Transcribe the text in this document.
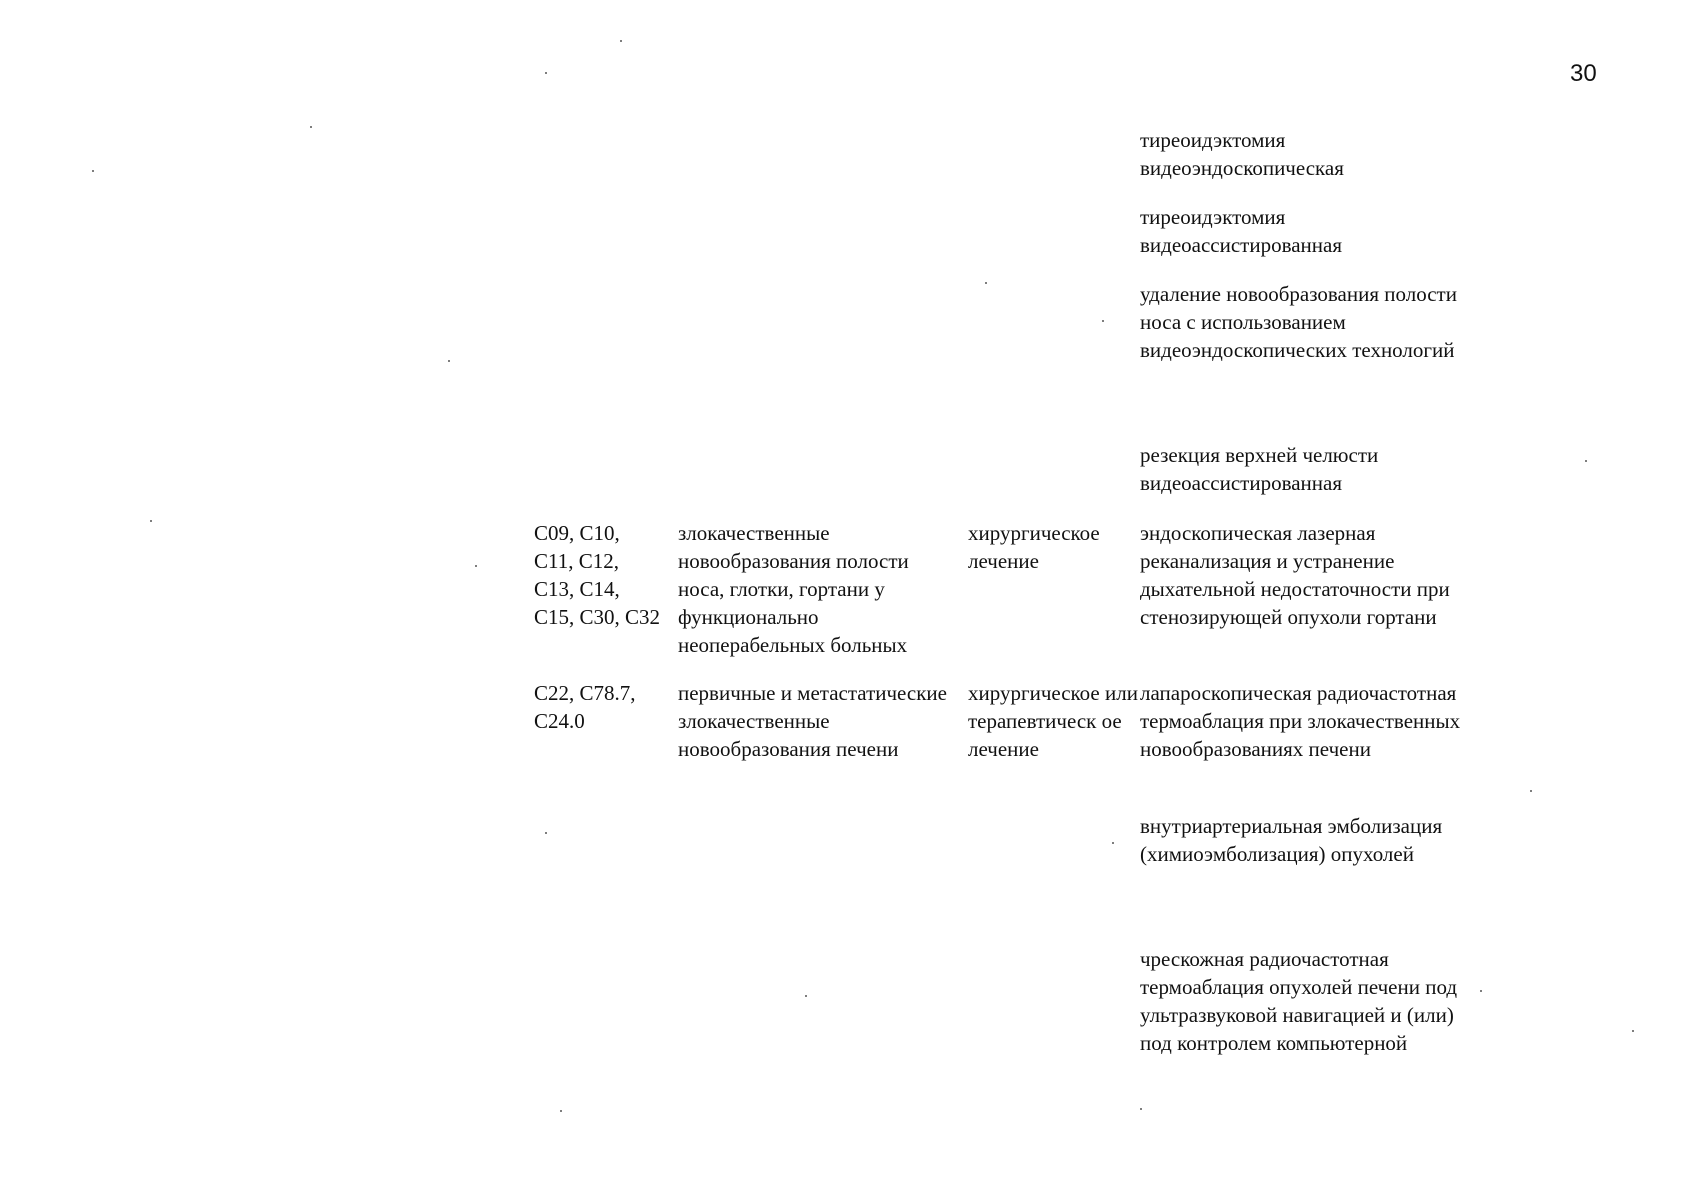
30

тиреоидэктомия видеоэндоскопическая

тиреоидэктомия видеоассистированная

удаление новообразования полости носа с использованием видеоэндоскопических технологий

резекция верхней челюсти видеоассистированная

С09, С10, С11, С12, С13, С14, С15, С30, С32

злокачественные новообразования полости носа, глотки, гортани у функционально неоперабельных больных

хирургическое лечение

эндоскопическая лазерная реканализация и устранение дыхательной недостаточности при стенозирующей опухоли гортани

С22, С78.7, С24.0

первичные и метастатические злокачественные новообразования печени

хирургическое или терапевтическ ое лечение

лапароскопическая радиочастотная термоаблация при злокачественных новообразованиях печени

внутриартериальная эмболизация (химиоэмболизация) опухолей

чрескожная радиочастотная термоаблация опухолей печени под ультразвуковой навигацией и (или) под контролем компьютерной
